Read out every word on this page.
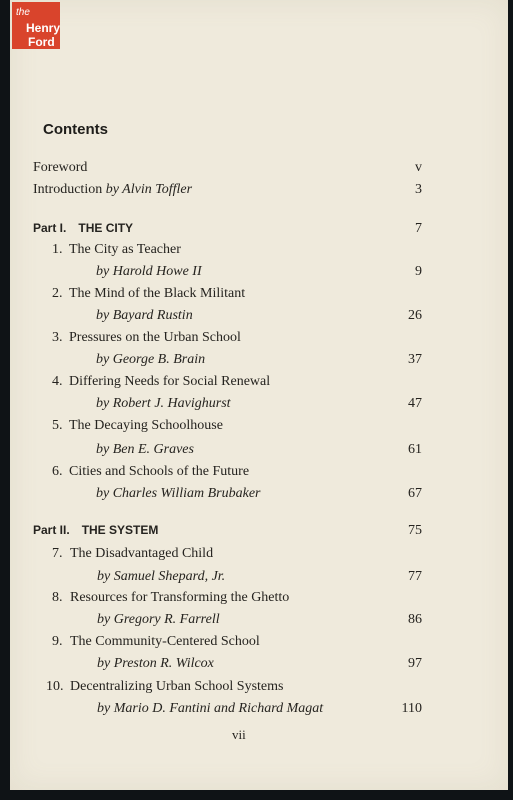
the
Henry
Ford
Contents
Foreword	v
Introduction by Alvin Toffler	3
Part I. THE CITY	7
1. The City as Teacher
by Harold Howe II	9
2. The Mind of the Black Militant
by Bayard Rustin	26
3. Pressures on the Urban School
by George B. Brain	37
4. Differing Needs for Social Renewal
by Robert J. Havighurst	47
5. The Decaying Schoolhouse
by Ben E. Graves	61
6. Cities and Schools of the Future
by Charles William Brubaker	67
Part II. THE SYSTEM	75
7. The Disadvantaged Child
by Samuel Shepard, Jr.	77
8. Resources for Transforming the Ghetto
by Gregory R. Farrell	86
9. The Community-Centered School
by Preston R. Wilcox	97
10. Decentralizing Urban School Systems
by Mario D. Fantini and Richard Magat	110
vii
